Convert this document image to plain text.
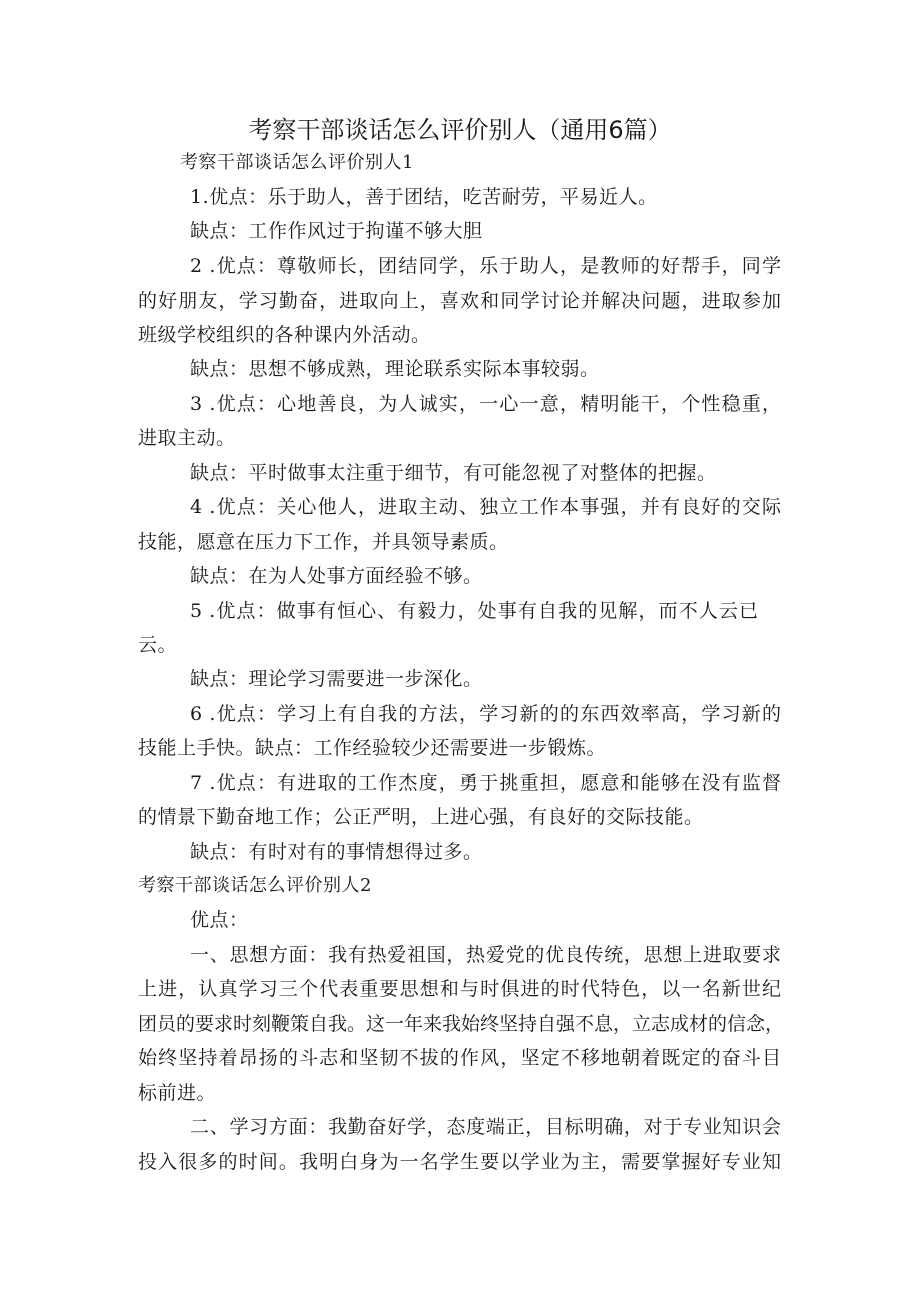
考察干部谈话怎么评价别人（通用6篇）

考察干部谈话怎么评价别人1

1.优点：乐于助人，善于团结，吃苦耐劳，平易近人。

缺点：工作作风过于拘谨不够大胆

2 .优点：尊敬师长，团结同学，乐于助人，是教师的好帮手，同学

的好朋友，学习勤奋，进取向上，喜欢和同学讨论并解决问题，进取参加

班级学校组织的各种课内外活动。

缺点：思想不够成熟，理论联系实际本事较弱。

3 .优点：心地善良，为人诚实，一心一意，精明能干，个性稳重，

进取主动。

缺点：平时做事太注重于细节，有可能忽视了对整体的把握。

4 .优点：关心他人，进取主动、独立工作本事强，并有良好的交际

技能，愿意在压力下工作，并具领导素质。

缺点：在为人处事方面经验不够。

5 .优点：做事有恒心、有毅力，处事有自我的见解，而不人云已

云。

缺点：理论学习需要进一步深化。

6 .优点：学习上有自我的方法，学习新的的东西效率高，学习新的

技能上手快。缺点：工作经验较少还需要进一步锻炼。

7 .优点：有进取的工作杰度，勇于挑重担，愿意和能够在没有监督

的情景下勤奋地工作；公正严明，上进心强，有良好的交际技能。

缺点：有时对有的事情想得过多。

考察干部谈话怎么评价别人2

优点：

一、思想方面：我有热爱祖国，热爱党的优良传统，思想上进取要求

上进，认真学习三个代表重要思想和与时俱进的时代特色，以一名新世纪

团员的要求时刻鞭策自我。这一年来我始终坚持自强不息，立志成材的信念，

始终坚持着昂扬的斗志和坚韧不拔的作风，坚定不移地朝着既定的奋斗目

标前进。

二、学习方面：我勤奋好学，态度端正，目标明确，对于专业知识会

投入很多的时间。我明白身为一名学生要以学业为主，需要掌握好专业知
